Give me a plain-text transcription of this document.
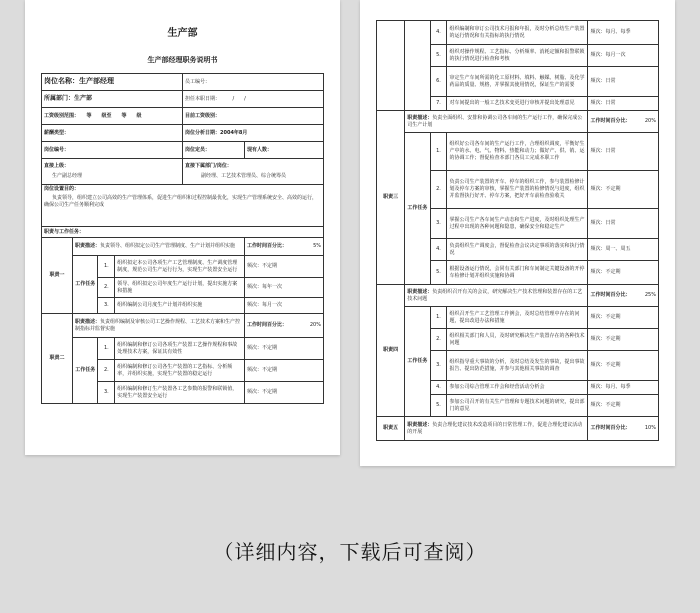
生产部
生产部经理职务说明书
岗位名称：生产部经理	员工编号：
所属部门：生产部	担任本职日期：　　　/　　/
工资级别范围：　　等　　级至　　等　　级	目前工资级别：
薪酬类型：	岗位分析日期：2004年8月
岗位编号：	岗位定员：	现有人数：
直接上级：
生产副总经理

直接下属部门/岗位：
副经理、工艺技术管理员、综合统筹员
岗位设置目的：
负责领导，组织建立公司高效的生产管理体系，促进生产组织和过程控制最优化，实现生产管理系统安全、高效的运行，确保公司生产任务顺利完成

职责与工作任务：
职责一	职责描述：负责领导、组织拟定公司生产管理制度、生产计划并组织实施			工作时间百分比： 5%

	工作任务	1.	组织拟定本公司各项生产工艺管理制度、生产调度管理制度，规范公司生产运行行为，实现生产装置安全运行	频次：不定期
		2.	领导、组织拟定公司年度生产运行计划，提出实施方案和措施	频次：每年一次
		3.	组织编制公司月度生产计划并组织实施	频次：每月一次
职责二	职责描述：负责组织编制及审核公司工艺操作规程、工艺技术方案和生产控制指标并监督实施			工作时间百分比： 20%

	工作任务	1.	组织编制和修订公司各项生产装置工艺操作规程和事故处理技术方案，保证其有效性	频次：不定期
		2.	组织编制和修订公司各生产装置的工艺指标、分析频率，并组织实施，实现生产装置的稳定运行	频次：不定期
		3.	组织编制和修订生产装置各工艺参数的报警和联锁值，实现生产装置安全运行	频次：不定期
		4.	组织编制和审订公司技术月报和年报，及时分析总结生产装置的运行情况和有关指标的执行情况	频次：每月、每季
		5.	组织对操作规程、工艺指标、分析频率、消耗定额和报警联锁的执行情况进行检查和考核	频次：每月一次
		6.	审定生产车间所需的化工原材料、填料、触媒、树脂、及化学药品的质量、规格，并掌握其使用情况，保证生产的需要	频次：日常
		7.	对车间提出的一般工艺技术变更进行审核并提出处理意见	频次：日常
职责三	职责描述：负责全面组织、安排和协调公司各车间的生产运行工作，确保完成公司生产计划			工作时间百分比： 20%

	工作任务	1.	组织好公司各车间的生产运行工作，合理组织调度，平衡好生产中的水、电、气、物料、热能和动力；做好产、供、销、运的协调工作；督促检查本部门各员工完成本职工作	频次：日常
		2.	负责公司生产装置的开车、停车的组织工作，参与装置检修计划及停车方案的审核，掌握生产装置的检修情况与进度，组织并监督执行好开、停车方案，把好开车前检查验收关	频次：不定期
		3.	掌握公司生产各车间生产动态和生产进度，及时组织处理生产过程中出现的各种问题和隐患，确保安全和稳定生产	频次：日常
		4.	负责组织生产调度会，督促检查会议决定事项的落实和执行情况	频次：周一、周五
		5.	根据设备运行情况，会同有关部门和车间制定关键设备的开停车检修计划并组织实施和协调	频次：不定期
职责四	职责描述：负责组织召开有关的会议，研究解决生产技术管理和装置存在的工艺技术问题			工作时间百分比： 25%

	工作任务	1.	组织召开生产工艺管理工作例会，及时总结管理中存在的问题，提出改进办法和措施	频次：不定期
		2.	组织相关部门和人员，及时研究解决生产装置存在的各种技术问题	频次：不定期
		3.	组织指导重大事故的分析，及时总结及发生的事故，提出事故报告、提出防范措施，并参与其他相关事故的调查	频次：不定期
		4.	参加公司综合管理工作会和经营活动分析会	频次：每月、每季
		5.	参加公司召开的有关生产管理和专题技术问题的研究，提出部门的意见	频次：不定期
职责五	职责描述：负责合理化建议技术改造项目的日常管理工作，促进合理化建议活动的开展	工作时间百分比：	10%
（详细内容，下载后可查阅）
